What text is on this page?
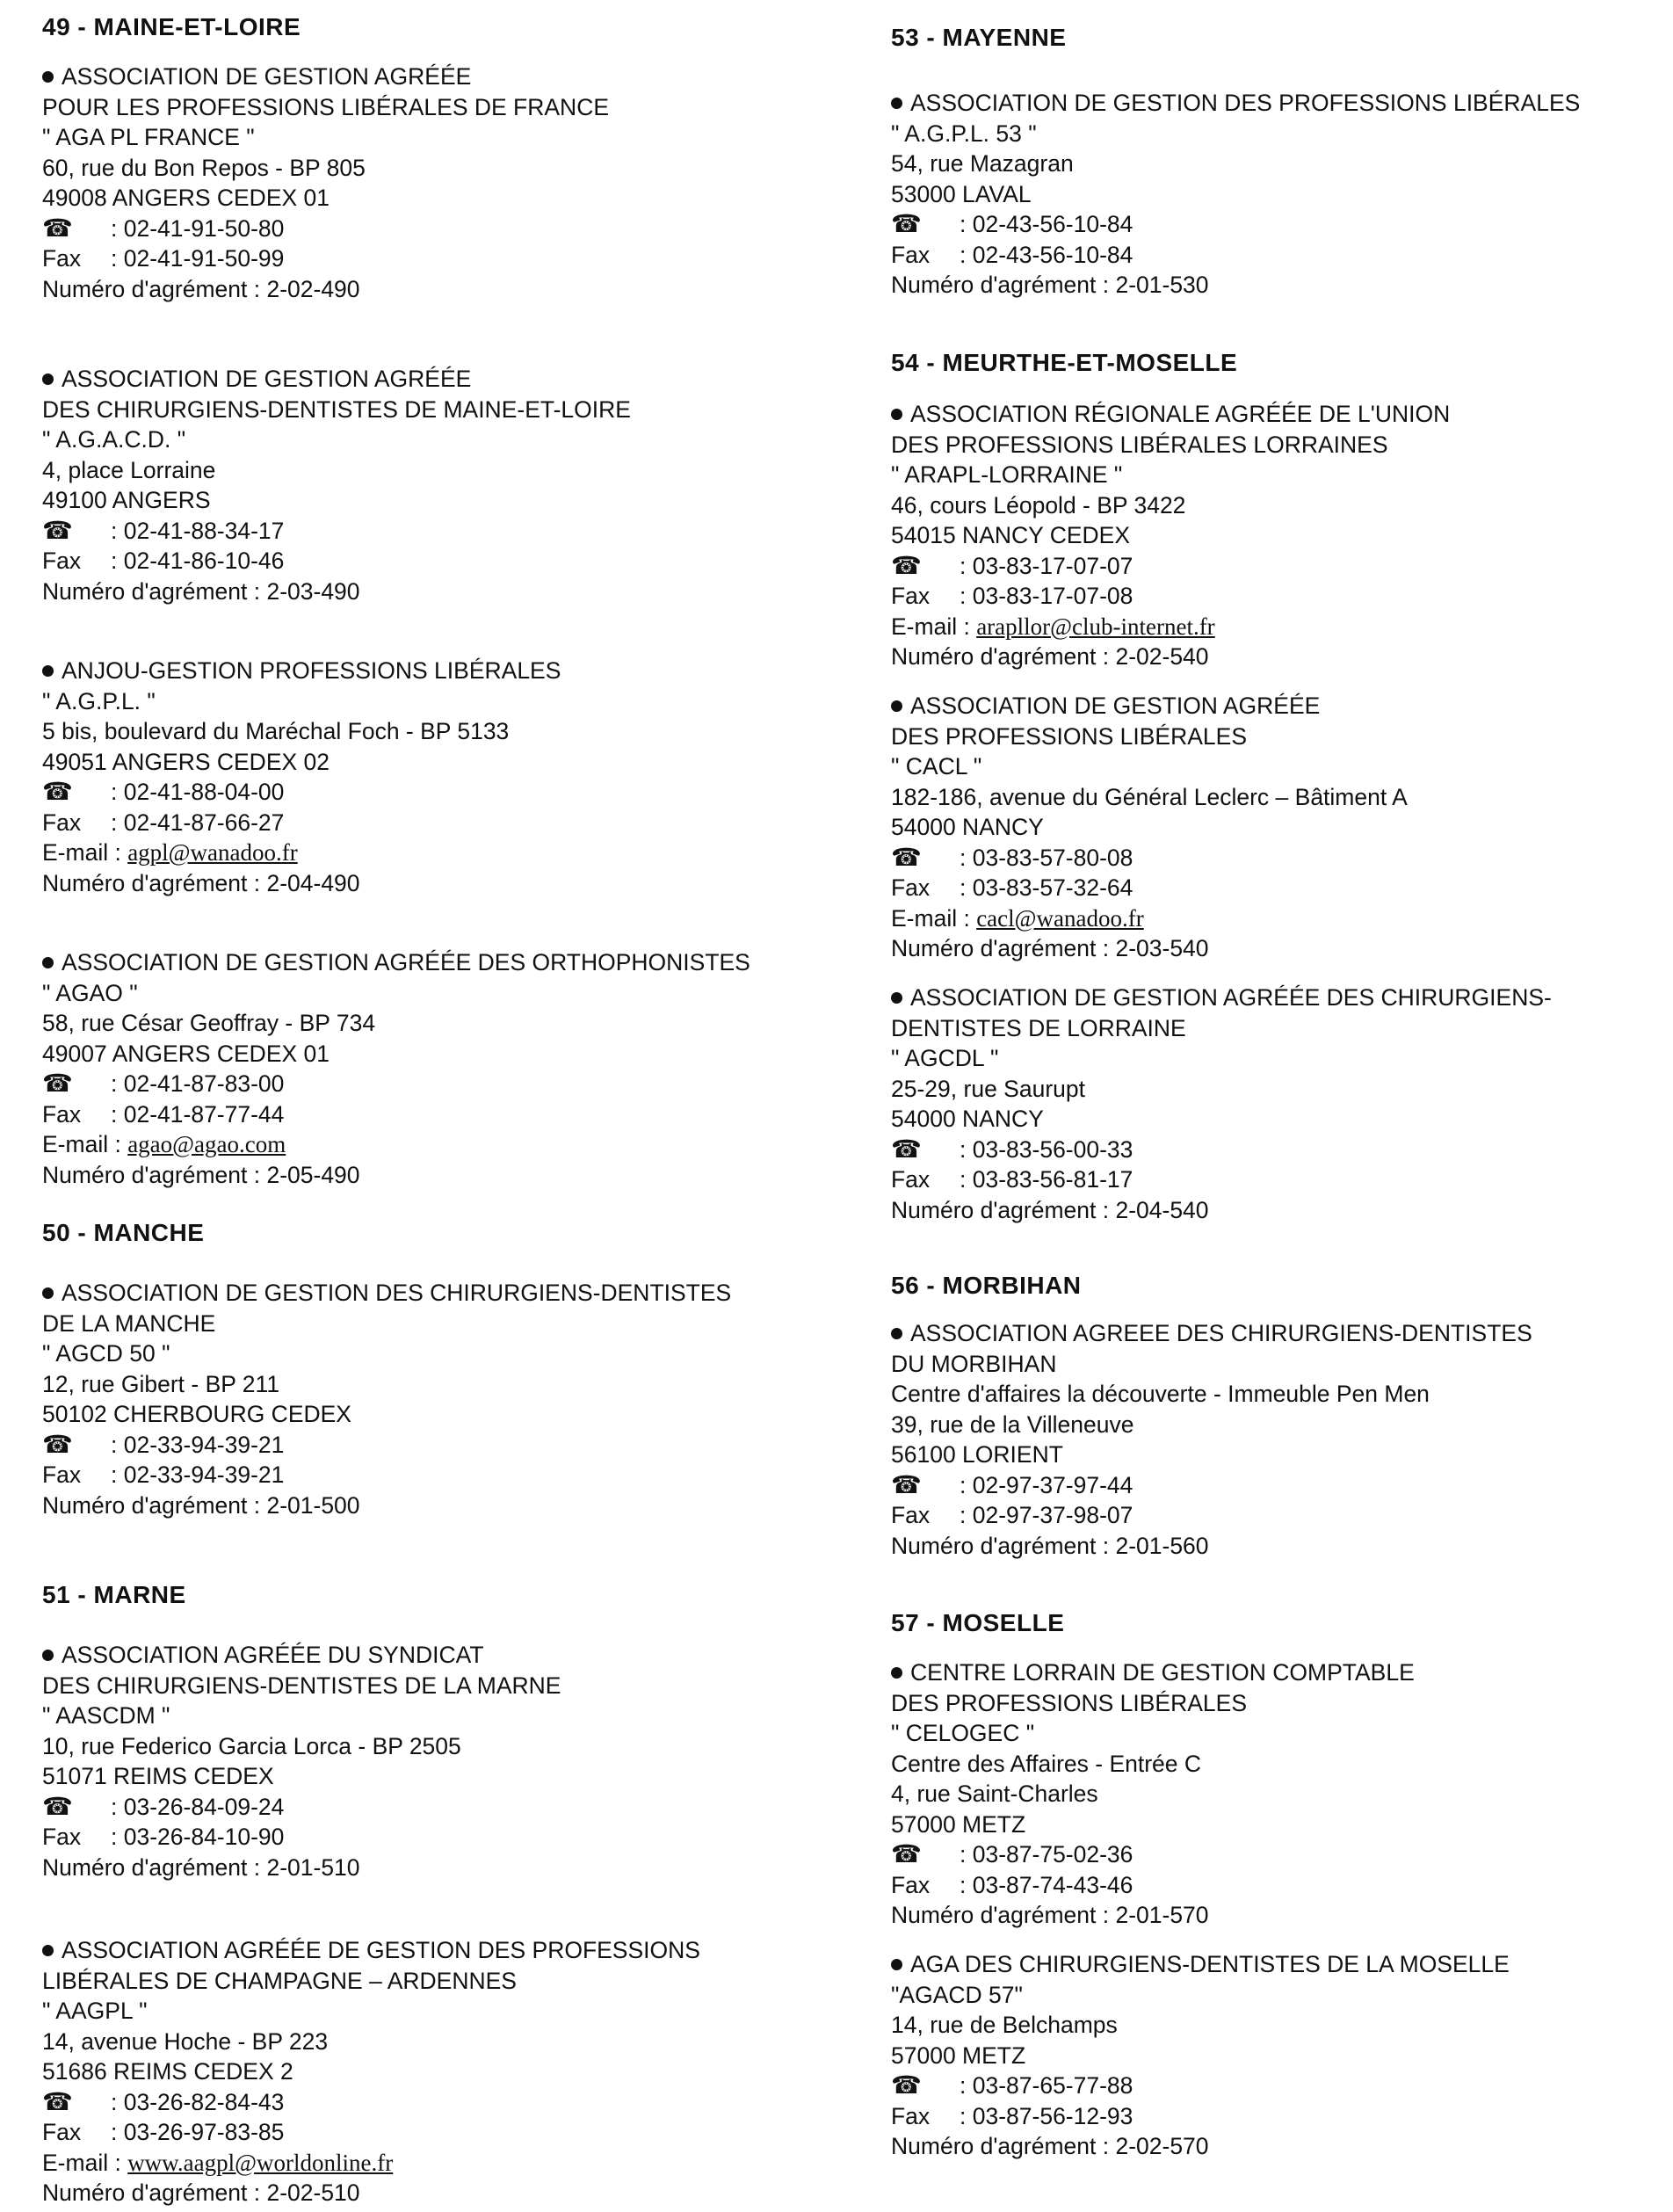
49 - MAINE-ET-LOIRE
ASSOCIATION DE GESTION AGRÉÉE
POUR LES PROFESSIONS LIBÉRALES DE FRANCE
" AGA PL FRANCE "
60, rue du Bon Repos - BP 805
49008 ANGERS CEDEX 01
☎ : 02-41-91-50-80
Fax : 02-41-91-50-99
Numéro d'agrément : 2-02-490
ASSOCIATION DE GESTION AGRÉÉE
DES CHIRURGIENS-DENTISTES DE MAINE-ET-LOIRE
" A.G.A.C.D. "
4, place Lorraine
49100 ANGERS
☎ : 02-41-88-34-17
Fax : 02-41-86-10-46
Numéro d'agrément : 2-03-490
ANJOU-GESTION PROFESSIONS LIBÉRALES
" A.G.P.L. "
5 bis, boulevard du Maréchal Foch - BP 5133
49051 ANGERS CEDEX 02
☎ : 02-41-88-04-00
Fax : 02-41-87-66-27
E-mail : agpl@wanadoo.fr
Numéro d'agrément : 2-04-490
ASSOCIATION DE GESTION AGRÉÉE DES ORTHOPHONISTES
" AGAO "
58, rue César Geoffray - BP 734
49007 ANGERS CEDEX 01
☎ : 02-41-87-83-00
Fax : 02-41-87-77-44
E-mail : agao@agao.com
Numéro d'agrément : 2-05-490
50 - MANCHE
ASSOCIATION DE GESTION DES CHIRURGIENS-DENTISTES
DE LA MANCHE
" AGCD 50 "
12, rue Gibert - BP 211
50102 CHERBOURG CEDEX
☎ : 02-33-94-39-21
Fax : 02-33-94-39-21
Numéro d'agrément : 2-01-500
51 - MARNE
ASSOCIATION AGRÉÉE DU SYNDICAT
DES CHIRURGIENS-DENTISTES DE LA MARNE
" AASCDM "
10, rue Federico Garcia Lorca - BP 2505
51071 REIMS CEDEX
☎ : 03-26-84-09-24
Fax : 03-26-84-10-90
Numéro d'agrément : 2-01-510
ASSOCIATION AGRÉÉE DE GESTION DES PROFESSIONS
LIBÉRALES DE CHAMPAGNE – ARDENNES
" AAGPL "
14, avenue Hoche - BP 223
51686 REIMS CEDEX 2
☎ : 03-26-82-84-43
Fax : 03-26-97-83-85
E-mail : www.aagpl@worldonline.fr
Numéro d'agrément : 2-02-510
53 - MAYENNE
ASSOCIATION DE GESTION DES PROFESSIONS LIBÉRALES
" A.G.P.L. 53 "
54, rue Mazagran
53000 LAVAL
☎ : 02-43-56-10-84
Fax : 02-43-56-10-84
Numéro d'agrément : 2-01-530
54 - MEURTHE-ET-MOSELLE
ASSOCIATION RÉGIONALE AGRÉÉE DE L'UNION
DES PROFESSIONS LIBÉRALES LORRAINES
" ARAPL-LORRAINE "
46, cours Léopold - BP 3422
54015 NANCY CEDEX
☎ : 03-83-17-07-07
Fax : 03-83-17-07-08
E-mail : arapllor@club-internet.fr
Numéro d'agrément : 2-02-540
ASSOCIATION DE GESTION AGRÉÉE
DES PROFESSIONS LIBÉRALES
" CACL "
182-186, avenue du Général Leclerc – Bâtiment A
54000 NANCY
☎ : 03-83-57-80-08
Fax : 03-83-57-32-64
E-mail : cacl@wanadoo.fr
Numéro d'agrément : 2-03-540
ASSOCIATION DE GESTION AGRÉÉE DES CHIRURGIENS-
DENTISTES DE LORRAINE
" AGCDL "
25-29, rue Saurupt
54000 NANCY
☎ : 03-83-56-00-33
Fax : 03-83-56-81-17
Numéro d'agrément : 2-04-540
56 - MORBIHAN
ASSOCIATION AGREEE DES CHIRURGIENS-DENTISTES
DU MORBIHAN
Centre d'affaires la découverte - Immeuble Pen Men
39, rue de la Villeneuve
56100 LORIENT
☎ : 02-97-37-97-44
Fax : 02-97-37-98-07
Numéro d'agrément : 2-01-560
57 - MOSELLE
CENTRE LORRAIN DE GESTION COMPTABLE
DES PROFESSIONS LIBÉRALES
" CELOGEC "
Centre des Affaires - Entrée C
4, rue Saint-Charles
57000 METZ
☎ : 03-87-75-02-36
Fax : 03-87-74-43-46
Numéro d'agrément : 2-01-570
AGA DES CHIRURGIENS-DENTISTES DE LA MOSELLE
"AGACD 57"
14, rue de Belchamps
57000 METZ
☎ : 03-87-65-77-88
Fax : 03-87-56-12-93
Numéro d'agrément : 2-02-570
